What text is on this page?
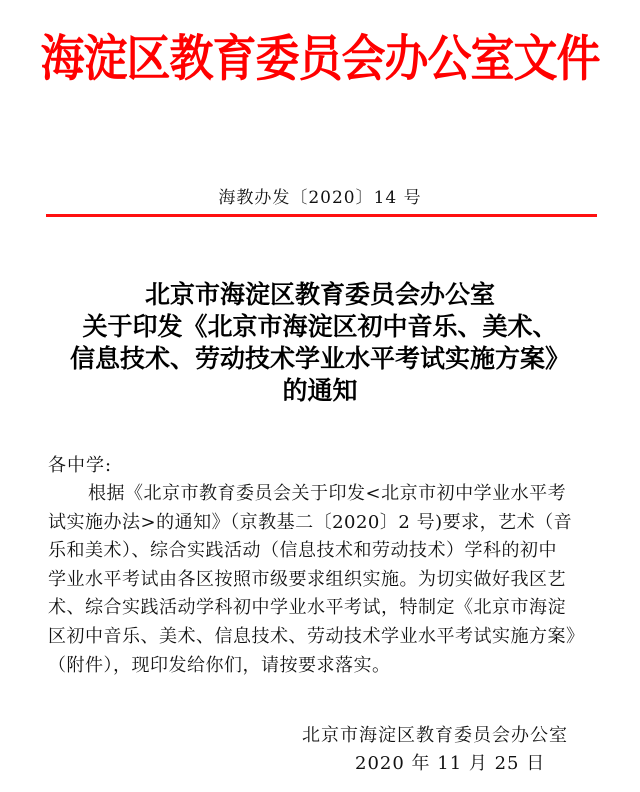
海淀区教育委员会办公室文件
海教办发〔2020〕14 号
北京市海淀区教育委员会办公室
关于印发《北京市海淀区初中音乐、美术、
信息技术、劳动技术学业水平考试实施方案》
的通知
各中学:
根据《北京市教育委员会关于印发<北京市初中学业水平考
试实施办法>的通知》（京教基二〔2020〕2 号)要求，艺术（音
乐和美术）、综合实践活动（信息技术和劳动技术）学科的初中
学业水平考试由各区按照市级要求组织实施。为切实做好我区艺
术、综合实践活动学科初中学业水平考试，特制定《北京市海淀
区初中音乐、美术、信息技术、劳动技术学业水平考试实施方案》
（附件），现印发给你们，请按要求落实。
北京市海淀区教育委员会办公室
2020 年 11 月 25 日
